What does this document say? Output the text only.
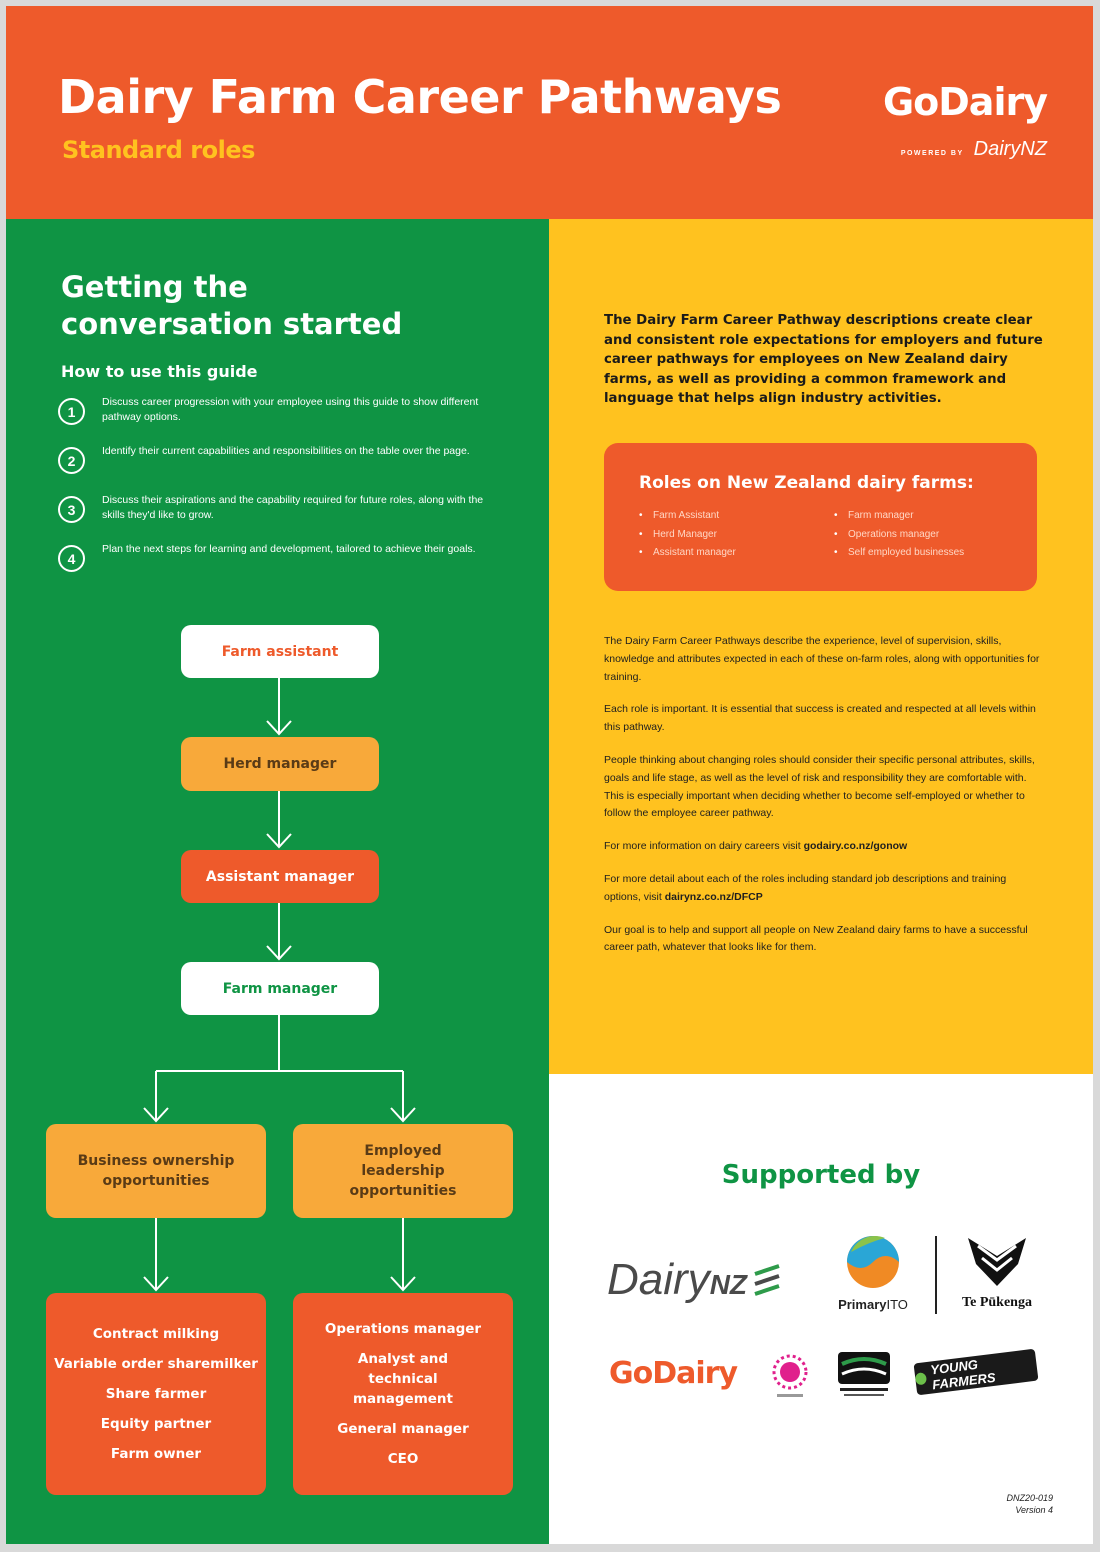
Dairy Farm Career Pathways
Standard roles
GoDairy
POWERED BY DairyNZ
Getting the
conversation started
How to use this guide
1
Discuss career progression with your employee using this guide to show different pathway options.
2
Identify their current capabilities and responsibilities on the table over the page.
3
Discuss their aspirations and the capability required for future roles, along with the skills they'd like to grow.
4
Plan the next steps for learning and development, tailored to achieve their goals.
Farm assistant
Herd manager
Assistant manager
Farm manager
Business ownership opportunities
Employed leadership opportunities
Contract milking
Variable order sharemilker
Share farmer
Equity partner
Farm owner
Operations manager
Analyst and technical management
General manager
CEO
The Dairy Farm Career Pathway descriptions create clear and consistent role expectations for employers and future career pathways for employees on New Zealand dairy farms, as well as providing a common framework and language that helps align industry activities.
Roles on New Zealand dairy farms:
• Farm Assistant
• Herd Manager
• Assistant manager
• Farm manager
• Operations manager
• Self employed businesses

The Dairy Farm Career Pathways describe the experience, level of supervision, skills, knowledge and attributes expected in each of these on-farm roles, along with opportunities for training.

Each role is important. It is essential that success is created and respected at all levels within this pathway.

People thinking about changing roles should consider their specific personal attributes, skills, goals and life stage, as well as the level of risk and responsibility they are comfortable with. This is especially important when deciding whether to become self-employed or whether to follow the employee career pathway.

For more information on dairy careers visit godairy.co.nz/gonow

For more detail about each of the roles including standard job descriptions and training options, visit dairynz.co.nz/DFCP

Our goal is to help and support all people on New Zealand dairy farms to have a successful career path, whatever that looks like for them.

Supported by
Dairy NZ
PrimaryITO	Te Pūkenga
GoDairy	YOUNG FARMERS
DNZ20-019
Version 4
